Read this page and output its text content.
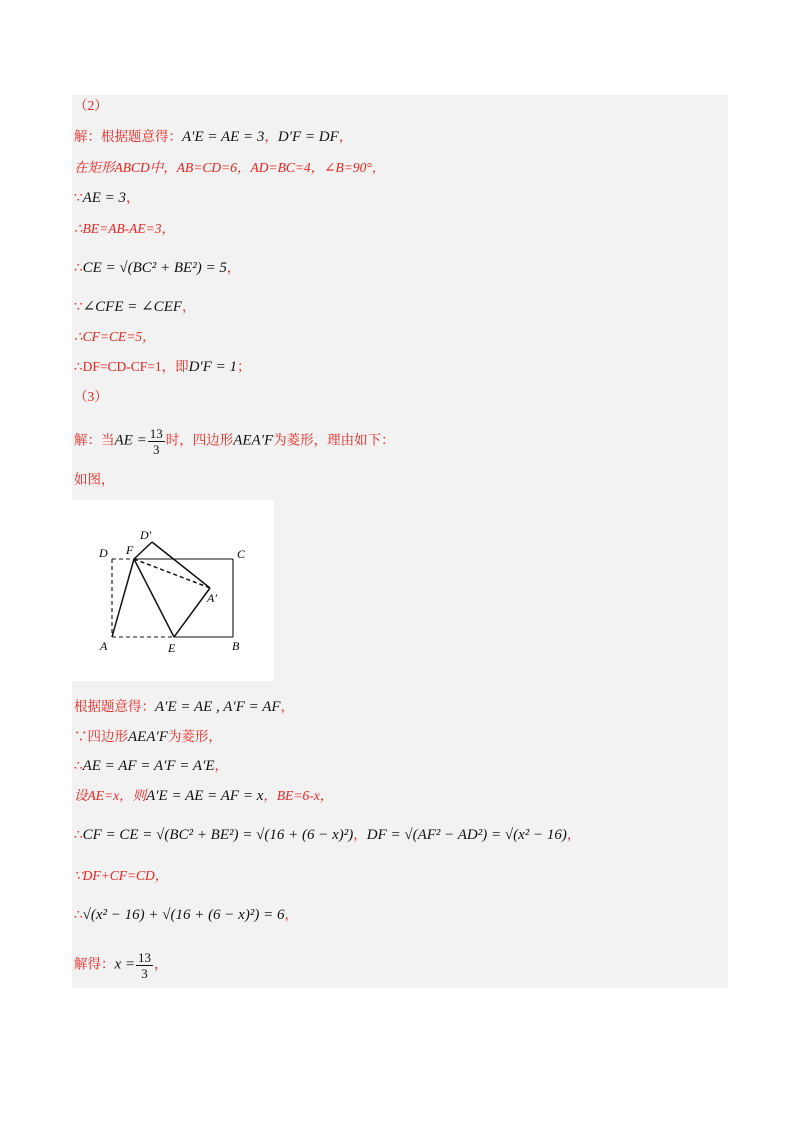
（2）
解：根据题意得：A′E = AE = 3，D′F = DF，
在矩形ABCD中，AB=CD=6，AD=BC=4，∠B=90°，
∵AE = 3，
∴BE=AB-AE=3，
∴CE = √(BC² + BE²) = 5，
∵∠CFE = ∠CEF，
∴CF=CE=5，
∴DF=CD-CF=1，即D′F = 1；
（3）
解：当AE = $\frac{13}{3}$ 时，四边形AEA′F为菱形，理由如下：
如图，
D F
D′
C
A′
A	E	B
根据题意得：A′E = AE , A′F = AF，
∵四边形AEA′F为菱形，
∴AE = AF = A′F = A′E，
设AE=x，则A′E = AE = AF = x，BE=6-x，
∴CF = CE = √(BC² + BE²) = √(16 + (6 − x)²)，DF = √(AF² − AD²) = √(x² − 16)，
∵DF+CF=CD，
∴√(x² − 16) + √(16 + (6 − x)²) = 6，
解得：$x = \frac{13}{3}$ ，
